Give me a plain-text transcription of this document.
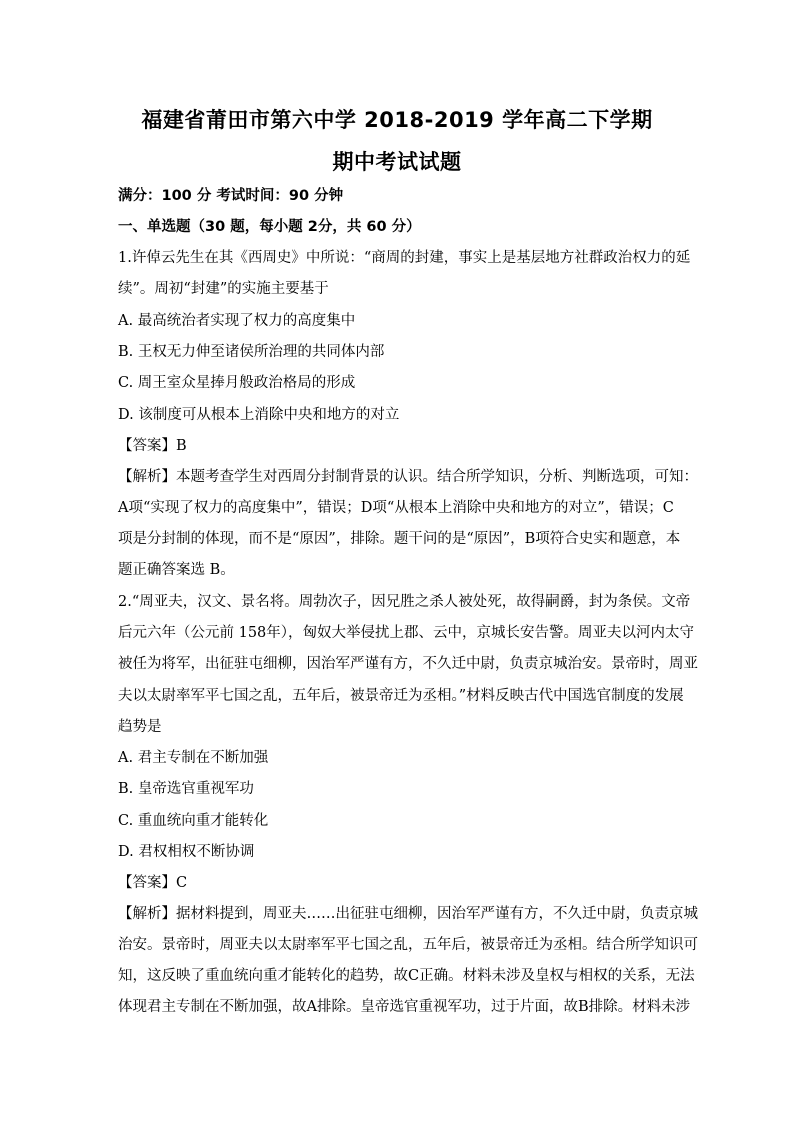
福建省莆田市第六中学 2018-2019 学年高二下学期
期中考试试题
满分：100 分 考试时间：90 分钟
一、单选题（30 题，每小题 2分，共 60 分）
1.许倬云先生在其《西周史》中所说：“商周的封建，事实上是基层地方社群政治权力的延
续”。周初“封建”的实施主要基于
A. 最高统治者实现了权力的高度集中
B. 王权无力伸至诸侯所治理的共同体内部
C. 周王室众星捧月般政治格局的形成
D. 该制度可从根本上消除中央和地方的对立
【答案】B
【解析】本题考查学生对西周分封制背景的认识。结合所学知识，分析、判断选项，可知：
A项“实现了权力的高度集中”，错误；D项“从根本上消除中央和地方的对立”，错误；C
项是分封制的体现，而不是“原因”，排除。题干问的是“原因”，B项符合史实和题意，本
题正确答案选 B。
2.“周亚夫，汉文、景名将。周勃次子，因兄胜之杀人被处死，故得嗣爵，封为条侯。文帝
后元六年（公元前 158年），匈奴大举侵扰上郡、云中，京城长安告警。周亚夫以河内太守
被任为将军，出征驻屯细柳，因治军严谨有方，不久迁中尉，负责京城治安。景帝时，周亚
夫以太尉率军平七国之乱，五年后，被景帝迁为丞相。”材料反映古代中国选官制度的发展
趋势是
A. 君主专制在不断加强
B. 皇帝选官重视军功
C. 重血统向重才能转化
D. 君权相权不断协调
【答案】C
【解析】据材料提到，周亚夫……出征驻屯细柳，因治军严谨有方，不久迁中尉，负责京城
治安。景帝时，周亚夫以太尉率军平七国之乱，五年后，被景帝迁为丞相。结合所学知识可
知，这反映了重血统向重才能转化的趋势，故C正确。材料未涉及皇权与相权的关系，无法
体现君主专制在不断加强，故A排除。皇帝选官重视军功，过于片面，故B排除。材料未涉
